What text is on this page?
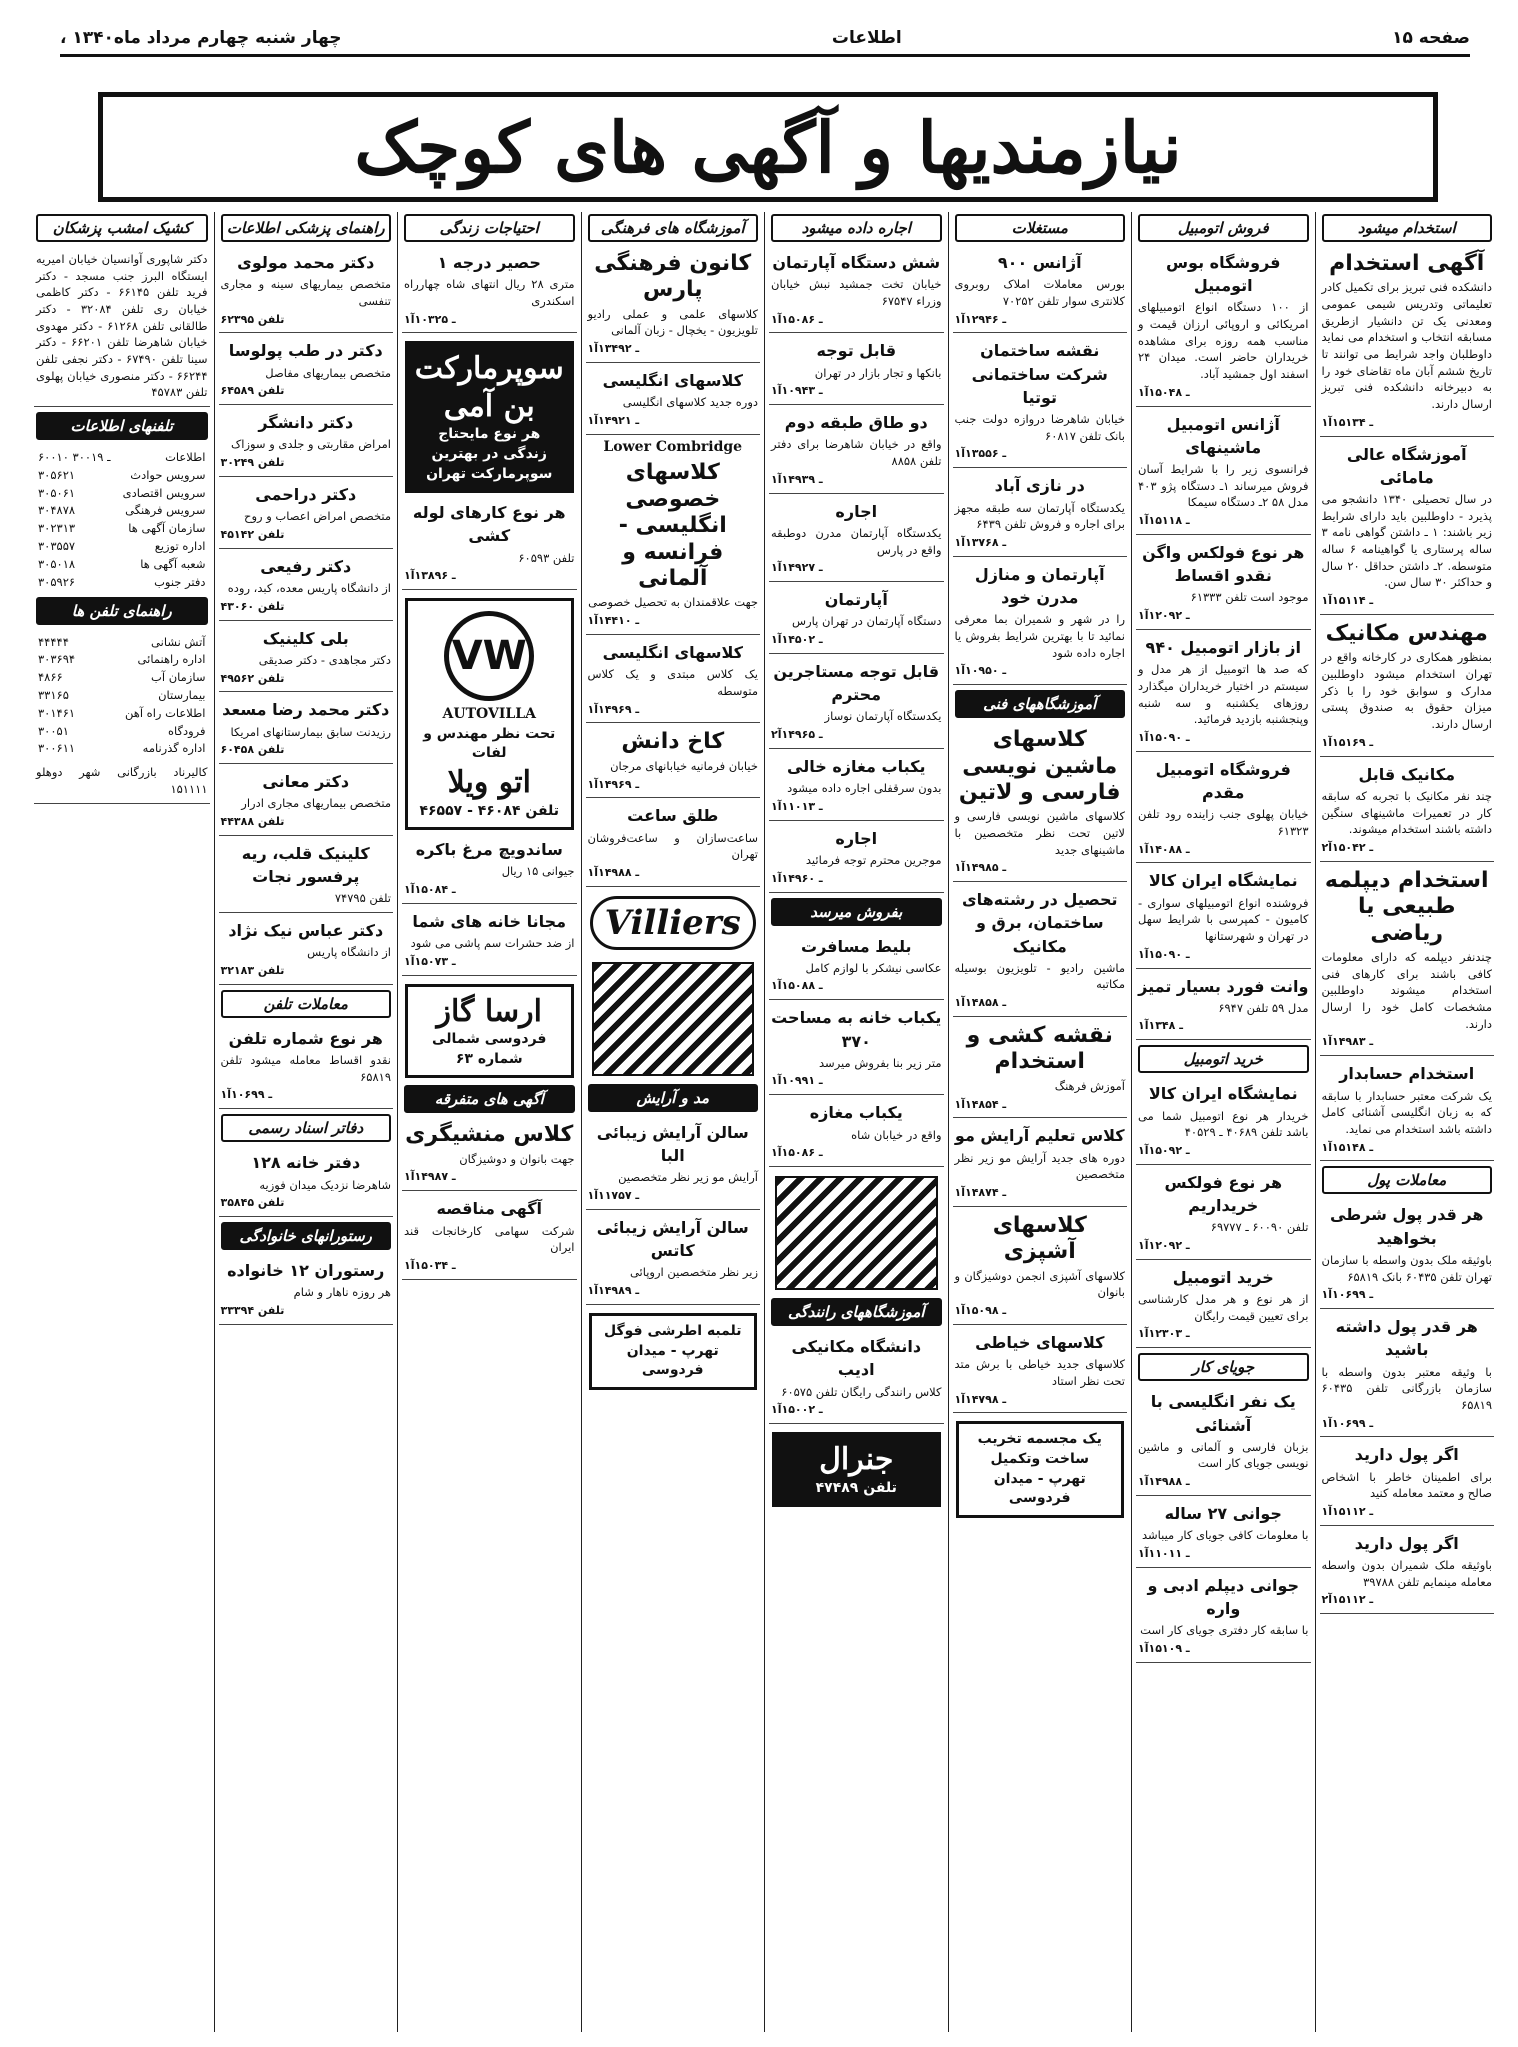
صفحه ۱۵
اطلاعات
چهار شنبه چهارم مرداد ماه۱۳۴۰ ،
نیازمندیها و آگهی های کوچک
استخدام میشود
آگهی استخدام
دانشکده فنی تبریز برای تکمیل کادر تعلیماتی وتدریس شیمی عمومی ومعدنی یک تن دانشیار ازطریق مسابقه انتخاب و استخدام می نماید داوطلبان واجد شرایط می توانند تا تاریخ ششم آبان ماه تقاضای خود را به دبیرخانه دانشکده فنی تبریز ارسال دارند.
۱ـ ۱۵۱۳۴آ
آموزشگاه عالی مامائی
در سال تحصیلی ۱۳۴۰ دانشجو می پذیرد - داوطلبین باید دارای شرایط زیر باشند: ۱ ـ داشتن گواهی نامه ۳ ساله پرستاری یا گواهینامه ۶ ساله متوسطه. ۲ـ داشتن حداقل ۲۰ سال و حداکثر ۳۰ سال سن.
۱ـ ۱۵۱۱۴آ
مهندس مکانیک
بمنظور همکاری در کارخانه واقع در تهران استخدام میشود داوطلبین مدارک و سوابق خود را با ذکر میزان حقوق به صندوق پستی ارسال دارند.
۱ـ ۱۵۱۶۹آ
مکانیک قابل
چند نفر مکانیک با تجربه که سابقه کار در تعمیرات ماشینهای سنگین داشته باشند استخدام میشوند.
۲ـ ۱۵۰۴۲آ
استخدام دیپلمه طبیعی یا ریاضی
چندنفر دیپلمه که دارای معلومات کافی باشند برای کارهای فنی استخدام میشوند داوطلبین مشخصات کامل خود را ارسال دارند.
۱ـ ۱۴۹۸۳آ
استخدام حسابدار
یک شرکت معتبر حسابدار با سابقه که به زبان انگلیسی آشنائی کامل داشته باشد استخدام می نماید.
۱ـ ۱۵۱۴۸آ
معاملات پول
هر قدر پول شرطی بخواهید
باوثیقه ملک بدون واسطه با سازمان تهران تلفن ۶۰۴۳۵ بانک ۶۵۸۱۹
۱ـ ۱۰۶۹۹آ
هر قدر پول داشته باشید
با وثیقه معتبر بدون واسطه با سازمان بازرگانی تلفن ۶۰۴۳۵ ۶۵۸۱۹
۱ـ ۱۰۶۹۹آ
اگر پول دارید
برای اطمینان خاطر با اشخاص صالح و معتمد معامله کنید
۱ـ ۱۵۱۱۲آ
اگر پول دارید
باوثیقه ملک شمیران بدون واسطه معامله مینمایم تلفن ۳۹۷۸۸
۲ـ ۱۵۱۱۲آ
فروش اتومبیل
فروشگاه بوس اتومبیل
از ۱۰۰ دستگاه انواع اتومبیلهای امریکائی و اروپائی ارزان قیمت و مناسب همه روزه برای مشاهده خریداران حاضر است. میدان ۲۴ اسفند اول جمشید آباد.
۱ـ ۱۵۰۴۸آ
آژانس اتومبیل ماشینهای
فرانسوی زیر را با شرایط آسان فروش میرساند ۱ـ دستگاه پژو ۴۰۳ مدل ۵۸ ۲ـ دستگاه سیمکا
۱ـ ۱۵۱۱۸آ
هر نوع فولکس واگن نقدو اقساط
موجود است تلفن ۶۱۳۳۳
۱ـ ۱۲۰۹۲آ
از بازار اتومبیل ۹۴۰
که صد ها اتومبیل از هر مدل و سیستم در اختیار خریداران میگذارد روزهای یکشنبه و سه شنبه وپنجشنبه بازدید فرمائید.
۱ـ ۱۵۰۹۰آ
فروشگاه اتومبیل مقدم
خیابان پهلوی جنب زاینده رود تلفن ۶۱۳۲۳
۱ـ ۱۴۰۸۸آ
نمایشگاه ایران کالا
فروشنده انواع اتومبیلهای سواری - کامیون - کمپرسی با شرایط سهل در تهران و شهرستانها
۱ـ ۱۵۰۹۰آ
وانت فورد بسیار تمیز
مدل ۵۹ تلفن ۶۹۴۷
۱ـ ۱۳۴۸آ
خرید اتومبیل
نمایشگاه ایران کالا
خریدار هر نوع اتومبیل شما می باشد تلفن ۴۰۶۸۹ ـ ۴۰۵۲۹
۱ـ ۱۵۰۹۲آ
هر نوع فولکس خریداریم
تلفن ۶۰۰۹۰ ـ ۶۹۷۷۷
۱ـ ۱۲۰۹۲آ
خرید اتومبیل
از هر نوع و هر مدل کارشناسی برای تعیین قیمت رایگان
۱ـ ۱۲۳۰۳آ
جویای کار
یک نفر انگلیسی با آشنائی
بزبان فارسی و آلمانی و ماشین نویسی جویای کار است
۱ـ ۱۴۹۸۸آ
جوانی ۲۷ ساله
با معلومات کافی جویای کار میباشد
۱ـ ۱۱۰۱۱آ
جوانی دیپلم ادبی و واره
با سابقه کار دفتری جویای کار است
۱ـ ۱۵۱۰۹آ
مستغلات
آژانس ۹۰۰
بورس معاملات املاک روبروی کلانتری سوار تلفن ۷۰۲۵۲
۱ـ ۱۲۹۴۶آ
نقشه ساختمان شرکت ساختمانی توتیا
خیابان شاهرضا دروازه دولت جنب بانک تلفن ۶۰۸۱۷
۱ـ ۱۳۵۵۶آ
در نازی آباد
یکدستگاه آپارتمان سه طبقه مجهز برای اجاره و فروش تلفن ۶۴۳۹
۱ـ ۱۳۷۶۸آ
آپارتمان و منازل مدرن خود
را در شهر و شمیران بما معرفی نمائید تا با بهترین شرایط بفروش یا اجاره داده شود
۱ـ ۱۰۹۵۰آ
آموزشگاههای فنی
کلاسهای ماشین نویسی فارسی و لاتین
کلاسهای ماشین نویسی فارسی و لاتین تحت نظر متخصصین با ماشینهای جدید
۱ـ ۱۴۹۸۵آ
تحصیل در رشته‌های ساختمان، برق و مکانیک
ماشین رادیو - تلویزیون بوسیله مکاتبه
۱ـ ۱۴۸۵۸آ
نقشه کشی و استخدام
آموزش فرهنگ
۱ـ ۱۴۸۵۴آ
کلاس تعلیم آرایش مو
دوره های جدید آرایش مو زیر نظر متخصصین
۱ـ ۱۴۸۷۴آ
کلاسهای آشپزی
کلاسهای آشپزی انجمن دوشیزگان و بانوان
۱ـ ۱۵۰۹۸آ
کلاسهای خیاطی
کلاسهای جدید خیاطی با برش متد تحت نظر استاد
۱ـ ۱۴۷۹۸آ
یک مجسمه تخریب ساخت وتکمیل
تهرپ - میدان فردوسی
اجاره داده میشود
شش دستگاه آپارتمان
خیابان تخت جمشید نبش خیابان وزراء ۶۷۵۴۷
۱ـ ۱۵۰۸۶آ
قابل توجه
بانکها و تجار بازار در تهران
۱ـ ۱۰۹۴۳آ
دو طاق طبقه دوم
واقع در خیابان شاهرضا برای دفتر تلفن ۸۸۵۸
۱ـ ۱۴۹۳۹آ
اجاره
یکدستگاه آپارتمان مدرن دوطبقه واقع در پارس
۱ـ ۱۴۹۲۷آ
آپارتمان
دستگاه آپارتمان در تهران پارس
۱ـ ۱۴۵۰۲آ
قابل توجه مستاجرین محترم
یکدستگاه آپارتمان نوساز
۲ـ ۱۴۹۶۵آ
یکباب مغازه خالی
بدون سرقفلی اجاره داده میشود
۱ـ ۱۱۰۱۳آ
اجاره
موجرین محترم توجه فرمائید
۱ـ ۱۴۹۶۰آ
بفروش میرسد
بلیط مسافرت
عکاسی نیشکر با لوازم کامل
۱ـ ۱۵۰۸۸آ
یکباب خانه به مساحت ۳۷۰
متر زیر بنا بفروش میرسد
۱ـ ۱۰۹۹۱آ
یکباب مغازه
واقع در خیابان شاه
۱ـ ۱۵۰۸۶آ
آموزشگاههای رانندگی
دانشگاه مکانیکی ادیب
کلاس رانندگی رایگان تلفن ۶۰۵۷۵
۱ـ ۱۵۰۰۲آ
جنرال
تلفن ۴۷۴۸۹
آموزشگاه های فرهنگی
کانون فرهنگی پارس
کلاسهای علمی و عملی رادیو تلویزیون - یخچال - زبان آلمانی
۱ـ ۱۳۴۹۲آ
کلاسهای انگلیسی
دوره جدید کلاسهای انگلیسی
۱ـ ۱۴۹۲۱آ
Lower Combridge
کلاسهای خصوصی انگلیسی - فرانسه و آلمانی
جهت علاقمندان به تحصیل خصوصی
۱ـ ۱۴۴۱۰آ
کلاسهای انگلیسی
یک کلاس مبتدی و یک کلاس متوسطه
۱ـ ۱۴۹۶۹آ
کاخ دانش
خیابان فرمانیه خیابانهای مرجان
۱ـ ۱۴۹۶۹آ
طلق ساعت
ساعت‌سازان و ساعت‌فروشان تهران
۱ـ ۱۴۹۸۸آ
Villiers
مد و آرایش
سالن آرایش زیبائی البا
آرایش مو زیر نظر متخصصین
۱ـ ۱۱۷۵۷آ
سالن آرایش زیبائی کاتس
زیر نظر متخصصین اروپائی
۱ـ ۱۴۹۸۹آ
تلمبه اطرشی فوگل
تهرپ - میدان فردوسی
احتیاجات زندگی
حصیر درجه ۱
متری ۲۸ ریال انتهای شاه چهارراه اسکندری
۱ـ ۱۰۳۲۵آ
سوپرمارکت بن آمی
هر نوع مایحتاج زندگی در بهترین سوپرمارکت تهران
هر نوع کارهای لوله کشی
تلفن ۶۰۵۹۳
۱ـ ۱۳۸۹۶آ
VW
AUTOVILLA
تحت نظر مهندس و لفات
اتو ویلا
تلفن ۴۶۰۸۴ - ۴۶۵۵۷
ساندویچ مرغ باکره
جیوانی ۱۵ ریال
۱ـ ۱۵۰۸۴آ
مجانا خانه های شما
از ضد حشرات سم پاشی می شود
۱ـ ۱۵۰۷۳آ
ارسا گاز
فردوسی شمالی شماره ۶۳
آگهی های متفرقه
کلاس منشیگری
جهت بانوان و دوشیزگان
۱ـ ۱۴۹۸۷آ
آگهی مناقصه
شرکت سهامی کارخانجات قند ایران
۱ـ ۱۵۰۳۴آ
راهنمای پزشکی اطلاعات
دکتر محمد مولوی
متخصص بیماریهای سینه و مجاری تنفسی
تلفن ۶۲۳۹۵
دکتر در طب پولوسا
متخصص بیماریهای مفاصل
تلفن ۶۴۵۸۹
دکتر دانشگر
امراض مقاربتی و جلدی و سوزاک
تلفن ۳۰۲۴۹
دکتر دراحمی
متخصص امراض اعصاب و روح
تلفن ۴۵۱۴۲
دکتر رفیعی
از دانشگاه پاریس معده، کبد، روده
تلفن ۴۳۰۶۰
بلی کلینیک
دکتر مجاهدی - دکتر صدیقی
تلفن ۴۹۵۶۲
دکتر محمد رضا مسعد
رزیدنت سابق بیمارستانهای امریکا
تلفن ۶۰۴۵۸
دکتر معانی
متخصص بیماریهای مجاری ادرار
تلفن ۴۴۳۸۸
کلینیک قلب، ریه پرفسور نجات
تلفن ۷۴۷۹۵
دکتر عباس نیک نژاد
از دانشگاه پاریس
تلفن ۳۲۱۸۳
معاملات تلفن
هر نوع شماره تلفن
نقدو اقساط معامله میشود تلفن ۶۵۸۱۹
۱ـ ۱۰۶۹۹آ
دفاتر اسناد رسمی
دفتر خانه ۱۲۸
شاهرضا نزدیک میدان فوزیه
تلفن ۳۵۸۴۵
رستورانهای خانوادگی
رستوران ۱۲ خانواده
هر روزه ناهار و شام
تلفن ۳۳۳۹۴
کشیک امشب پزشکان
دکتر شاپوری آوانسیان خیابان امیریه ایستگاه البرز جنب مسجد - دکتر فرید تلفن ۶۶۱۴۵ - دکتر کاظمی خیابان ری تلفن ۳۲۰۸۴ - دکتر طالقانی تلفن ۶۱۲۶۸ - دکتر مهدوی خیابان شاهرضا تلفن ۶۶۲۰۱ - دکتر سینا تلفن ۶۷۴۹۰ - دکتر نجفی تلفن ۶۶۲۴۴ - دکتر منصوری خیابان پهلوی تلفن ۴۵۷۸۳
تلفنهای اطلاعات
اطلاعات
۶۰۰۱۰ ـ ۳۰۰۱۹
سرویس حوادث
۳۰۵۶۲۱
سرویس اقتصادی
۳۰۵۰۶۱
سرویس فرهنگی
۳۰۴۸۷۸
سازمان آگهی ها
۳۰۲۳۱۳
اداره توزیع
۳۰۳۵۵۷
شعبه آگهی ها
۳۰۵۰۱۸
دفتر جنوب
۳۰۵۹۲۶
راهنمای تلفن ها
آتش نشانی
۴۴۴۴۴
اداره راهنمائی
۳۰۳۶۹۴
سازمان آب
۴۸۶۶
بیمارستان
۳۳۱۶۵
اطلاعات راه آهن
۳۰۱۴۶۱
فرودگاه
۳۰۰۵۱
اداره گذرنامه
۳۰۰۶۱۱
کالیرناد بازرگانی شهر دوهلو ۱۵۱۱۱۱
